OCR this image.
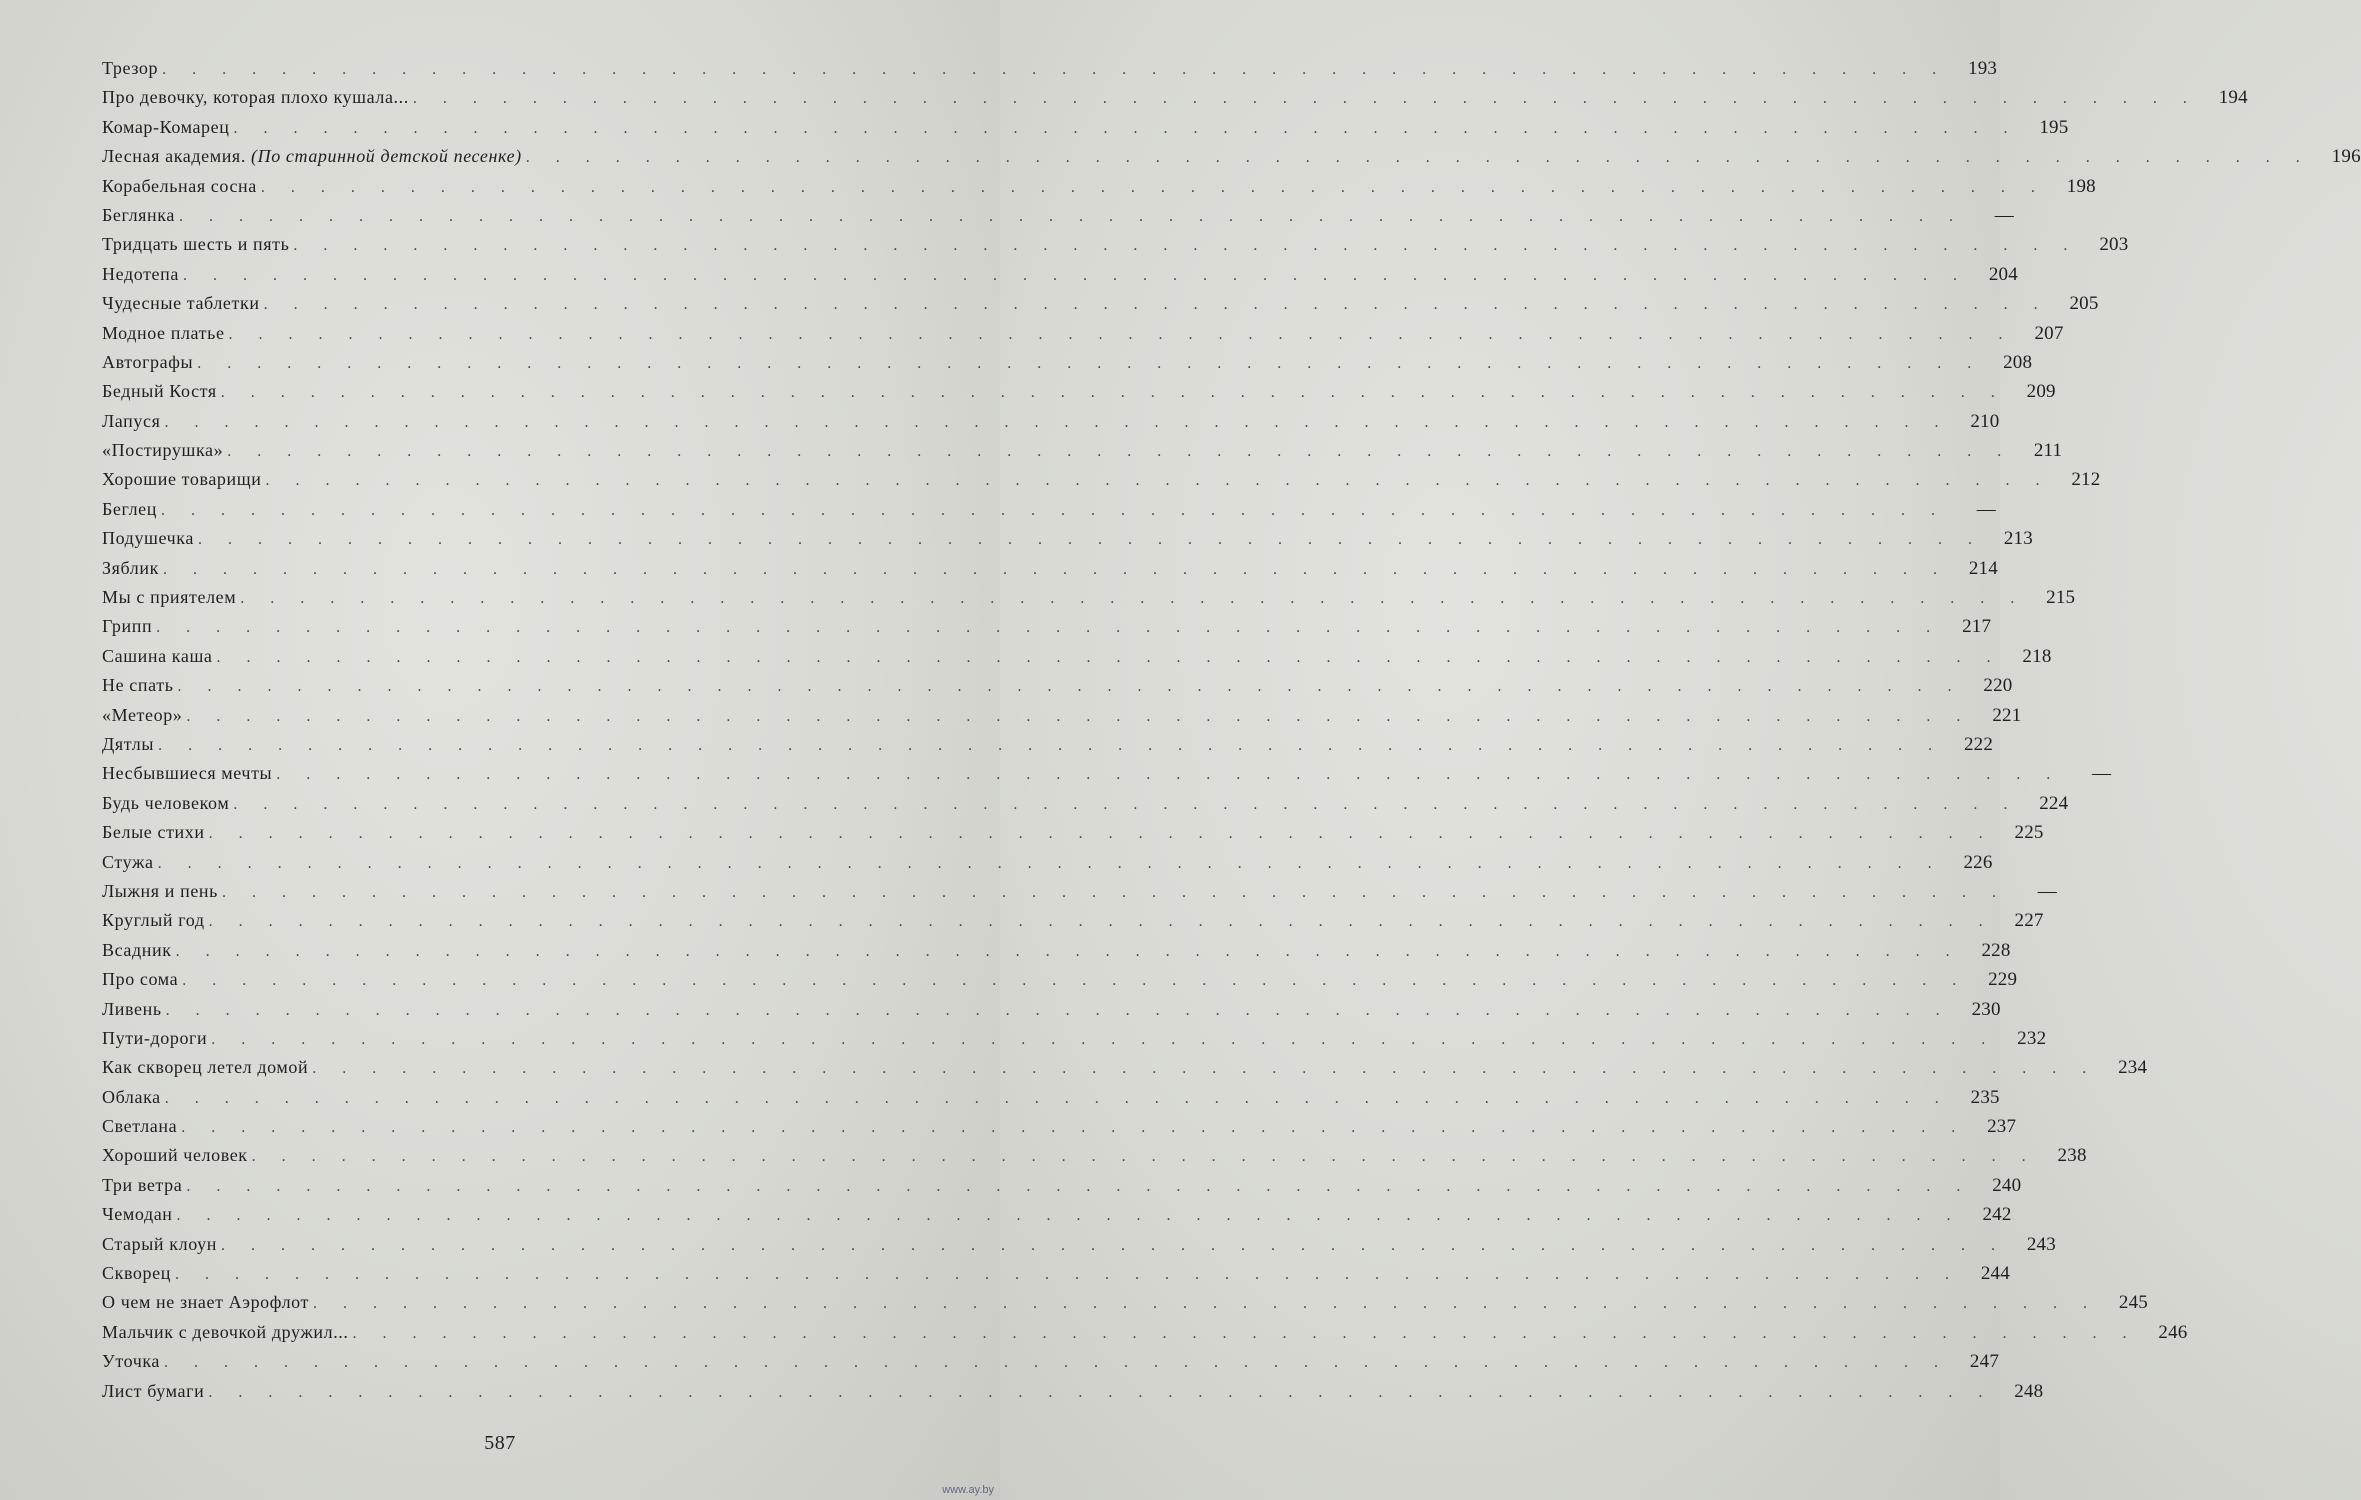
Трезор . . . . . . . . . . . . . . . . . . . . . . . . . . . . . . . . . . . . . . . . . . . . . . . . . . . . . . . . . . . .	193
Про девочку, которая плохо кушала... . . . . . . . . . . . . . . . . . . . . . . . . . . . . . . . . . . . . . . . . . . . . . . . . . . . . . . . . . . . .	194
Комар-Комарец . . . . . . . . . . . . . . . . . . . . . . . . . . . . . . . . . . . . . . . . . . . . . . . . . . . . . . . . . . . .	195
Лесная академия. (По старинной детской песенке) . . . . . . . . . . . . . . . . . . . . . . . . . . . . . . . . . . . . . . . . . . . . . . . . . . . . . . . . . . . .	196
Корабельная сосна . . . . . . . . . . . . . . . . . . . . . . . . . . . . . . . . . . . . . . . . . . . . . . . . . . . . . . . . . . . .	198
Беглянка . . . . . . . . . . . . . . . . . . . . . . . . . . . . . . . . . . . . . . . . . . . . . . . . . . . . . . . . . . . .	—
Тридцать шесть и пять . . . . . . . . . . . . . . . . . . . . . . . . . . . . . . . . . . . . . . . . . . . . . . . . . . . . . . . . . . . .	203
Недотепа . . . . . . . . . . . . . . . . . . . . . . . . . . . . . . . . . . . . . . . . . . . . . . . . . . . . . . . . . . . .	204
Чудесные таблетки . . . . . . . . . . . . . . . . . . . . . . . . . . . . . . . . . . . . . . . . . . . . . . . . . . . . . . . . . . . .	205
Модное платье . . . . . . . . . . . . . . . . . . . . . . . . . . . . . . . . . . . . . . . . . . . . . . . . . . . . . . . . . . . .	207
Автографы . . . . . . . . . . . . . . . . . . . . . . . . . . . . . . . . . . . . . . . . . . . . . . . . . . . . . . . . . . . .	208
Бедный Костя . . . . . . . . . . . . . . . . . . . . . . . . . . . . . . . . . . . . . . . . . . . . . . . . . . . . . . . . . . . .	209
Лапуся . . . . . . . . . . . . . . . . . . . . . . . . . . . . . . . . . . . . . . . . . . . . . . . . . . . . . . . . . . . .	210
«Постирушка» . . . . . . . . . . . . . . . . . . . . . . . . . . . . . . . . . . . . . . . . . . . . . . . . . . . . . . . . . . . .	211
Хорошие товарищи . . . . . . . . . . . . . . . . . . . . . . . . . . . . . . . . . . . . . . . . . . . . . . . . . . . . . . . . . . . .	212
Беглец . . . . . . . . . . . . . . . . . . . . . . . . . . . . . . . . . . . . . . . . . . . . . . . . . . . . . . . . . . . .	—
Подушечка . . . . . . . . . . . . . . . . . . . . . . . . . . . . . . . . . . . . . . . . . . . . . . . . . . . . . . . . . . . .	213
Зяблик . . . . . . . . . . . . . . . . . . . . . . . . . . . . . . . . . . . . . . . . . . . . . . . . . . . . . . . . . . . .	214
Мы с приятелем . . . . . . . . . . . . . . . . . . . . . . . . . . . . . . . . . . . . . . . . . . . . . . . . . . . . . . . . . . . .	215
Грипп . . . . . . . . . . . . . . . . . . . . . . . . . . . . . . . . . . . . . . . . . . . . . . . . . . . . . . . . . . . .	217
Сашина каша . . . . . . . . . . . . . . . . . . . . . . . . . . . . . . . . . . . . . . . . . . . . . . . . . . . . . . . . . . . .	218
Не спать . . . . . . . . . . . . . . . . . . . . . . . . . . . . . . . . . . . . . . . . . . . . . . . . . . . . . . . . . . . .	220
«Метеор» . . . . . . . . . . . . . . . . . . . . . . . . . . . . . . . . . . . . . . . . . . . . . . . . . . . . . . . . . . . .	221
Дятлы . . . . . . . . . . . . . . . . . . . . . . . . . . . . . . . . . . . . . . . . . . . . . . . . . . . . . . . . . . . .	222
Несбывшиеся мечты . . . . . . . . . . . . . . . . . . . . . . . . . . . . . . . . . . . . . . . . . . . . . . . . . . . . . . . . . . . .	—
Будь человеком . . . . . . . . . . . . . . . . . . . . . . . . . . . . . . . . . . . . . . . . . . . . . . . . . . . . . . . . . . . .	224
Белые стихи . . . . . . . . . . . . . . . . . . . . . . . . . . . . . . . . . . . . . . . . . . . . . . . . . . . . . . . . . . . .	225
Стужа . . . . . . . . . . . . . . . . . . . . . . . . . . . . . . . . . . . . . . . . . . . . . . . . . . . . . . . . . . . .	226
Лыжня и пень . . . . . . . . . . . . . . . . . . . . . . . . . . . . . . . . . . . . . . . . . . . . . . . . . . . . . . . . . . . .	—
Круглый год . . . . . . . . . . . . . . . . . . . . . . . . . . . . . . . . . . . . . . . . . . . . . . . . . . . . . . . . . . . .	227
Всадник . . . . . . . . . . . . . . . . . . . . . . . . . . . . . . . . . . . . . . . . . . . . . . . . . . . . . . . . . . . .	228
Про сома . . . . . . . . . . . . . . . . . . . . . . . . . . . . . . . . . . . . . . . . . . . . . . . . . . . . . . . . . . . .	229
Ливень . . . . . . . . . . . . . . . . . . . . . . . . . . . . . . . . . . . . . . . . . . . . . . . . . . . . . . . . . . . .	230
Пути-дороги . . . . . . . . . . . . . . . . . . . . . . . . . . . . . . . . . . . . . . . . . . . . . . . . . . . . . . . . . . . .	232
Как скворец летел домой . . . . . . . . . . . . . . . . . . . . . . . . . . . . . . . . . . . . . . . . . . . . . . . . . . . . . . . . . . . .	234
Облака . . . . . . . . . . . . . . . . . . . . . . . . . . . . . . . . . . . . . . . . . . . . . . . . . . . . . . . . . . . .	235
Светлана . . . . . . . . . . . . . . . . . . . . . . . . . . . . . . . . . . . . . . . . . . . . . . . . . . . . . . . . . . . .	237
Хороший человек . . . . . . . . . . . . . . . . . . . . . . . . . . . . . . . . . . . . . . . . . . . . . . . . . . . . . . . . . . . .	238
Три ветра . . . . . . . . . . . . . . . . . . . . . . . . . . . . . . . . . . . . . . . . . . . . . . . . . . . . . . . . . . . .	240
Чемодан . . . . . . . . . . . . . . . . . . . . . . . . . . . . . . . . . . . . . . . . . . . . . . . . . . . . . . . . . . . .	242
Старый клоун . . . . . . . . . . . . . . . . . . . . . . . . . . . . . . . . . . . . . . . . . . . . . . . . . . . . . . . . . . . .	243
Скворец . . . . . . . . . . . . . . . . . . . . . . . . . . . . . . . . . . . . . . . . . . . . . . . . . . . . . . . . . . . .	244
О чем не знает Аэрофлот . . . . . . . . . . . . . . . . . . . . . . . . . . . . . . . . . . . . . . . . . . . . . . . . . . . . . . . . . . . .	245
Мальчик с девочкой дружил... . . . . . . . . . . . . . . . . . . . . . . . . . . . . . . . . . . . . . . . . . . . . . . . . . . . . . . . . . . . .	246
Уточка . . . . . . . . . . . . . . . . . . . . . . . . . . . . . . . . . . . . . . . . . . . . . . . . . . . . . . . . . . . .	247
Лист бумаги . . . . . . . . . . . . . . . . . . . . . . . . . . . . . . . . . . . . . . . . . . . . . . . . . . . . . . . . . . . .	248
587
www.ay.by
